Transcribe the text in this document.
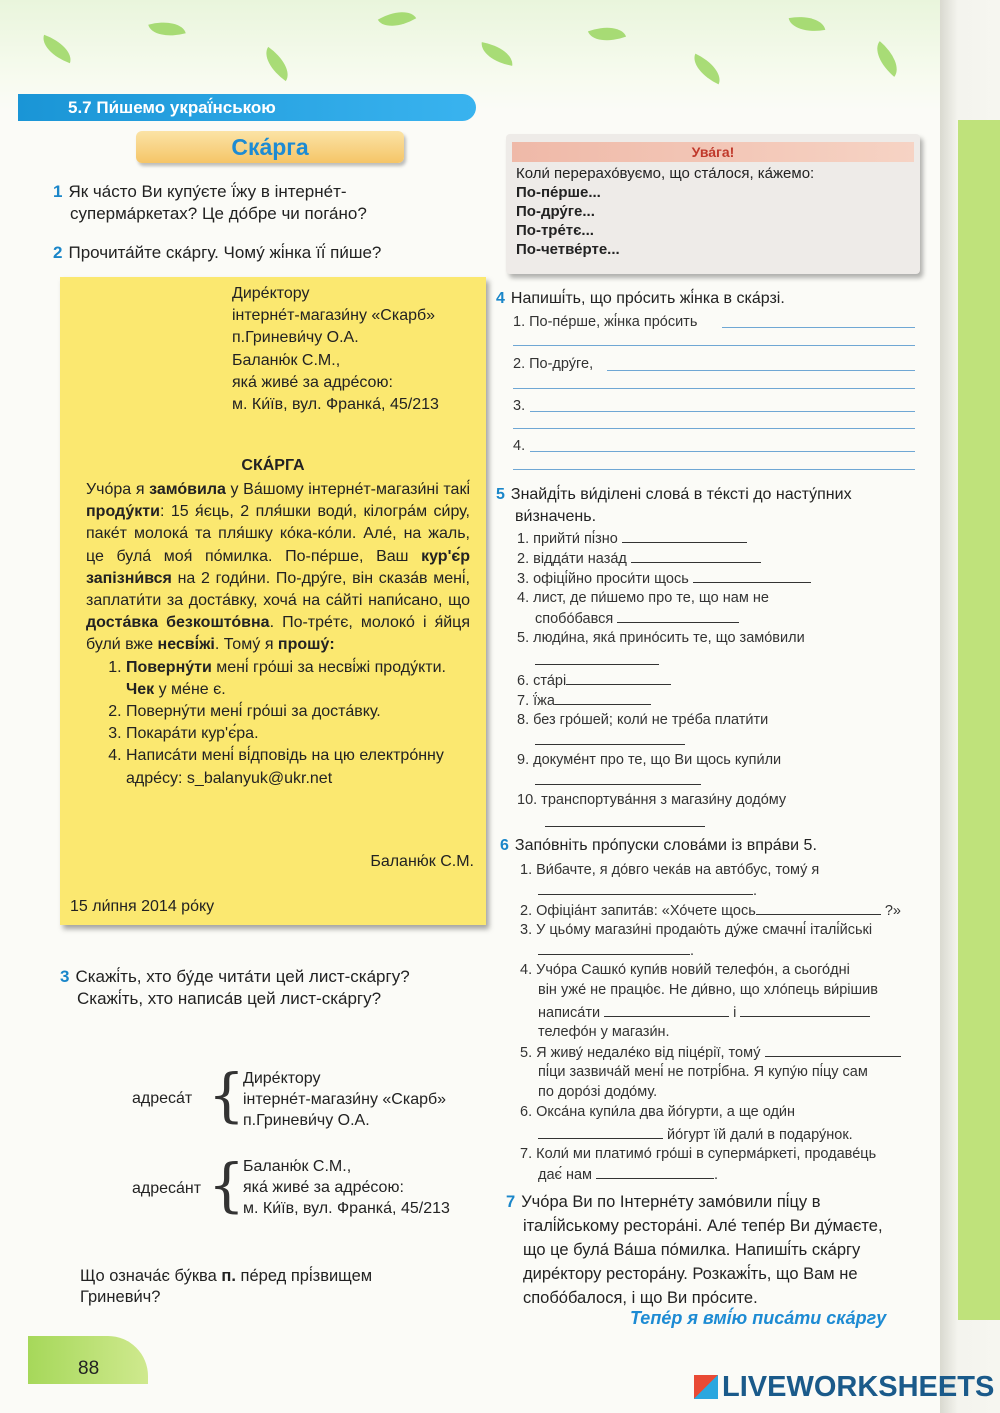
5.7 Пи́шемо украї́нською
Ска́рга
1 Як ча́сто Ви купу́єте ї́жу в інтерне́т-
суперма́ркетах? Це до́бре чи пога́но?
2 Прочита́йте ска́ргу. Чому́ жі́нка її́ пи́ше?
Дире́ктору
інтерне́т-магази́ну «Скарб»
п.Гриневи́чу О.А.
Баланю́к С.М.,
яка́ живе́ за адре́сою:
м. Ки́їв, вул. Франка́, 45/213
СКА́РГА
Учо́ра я замо́вила у Ва́шому інтерне́т-магази́ні такі́ проду́кти: 15 я́єць, 2 пля́шки води́, кілогра́м си́ру, паке́т молока́ та пля́шку ко́ка-ко́ли. Але́, на жаль, це була́ моя́ по́милка. По-пе́рше, Ваш кур'є́р запізни́вся на 2 годи́ни. По-дру́ге, він сказа́в мені́, заплати́ти за доста́вку, хоча́ на са́йті напи́сано, що доста́вка безкошто́вна. По-тре́тє, молоко́ і я́йця були́ вже несві́жі. Тому́ я прошу́:
1. Поверну́ти мені́ гро́ші за несві́жі проду́кти. Чек у ме́не є.
2. Поверну́ти мені́ гро́ші за доста́вку.
3. Покара́ти кур'є́ра.
4. Написа́ти мені́ ві́дповідь на цю електро́нну адре́су: s_balanyuk@ukr.net
Баланю́к С.М.
15 ли́пня 2014 ро́ку
3 Скажі́ть, хто бу́де чита́ти цей лист-ска́ргу?
Скажі́ть, хто написа́в цей лист-ска́ргу?
адреса́т {
Дире́ктору
інтерне́т-магази́ну «Скарб»
п.Гриневи́чу О.А.
адреса́нт {
Баланю́к С.М.,
яка́ живе́ за адре́сою:
м. Ки́їв, вул. Франка́, 45/213
Що означа́є бу́ква п. пе́ред прі́звищем
Гриневи́ч?
Ува́га!
Коли́ перерахо́вуємо, що ста́лося, ка́жемо:
По-пе́рше...
По-дру́ге...
По-тре́тє...
По-четве́рте...
4 Напиші́ть, що про́сить жі́нка в ска́рзі.
1. По-пе́рше, жі́нка про́сить
2. По-дру́ге,
3.
4.
5 Знайді́ть ви́ділені слова́ в те́ксті до насту́пних
ви́значень.
1. прийти́ пі́зно
2. відда́ти наза́д
3. офіці́йно проси́ти щось
4. лист, де пи́шемо про те, що нам не
спобо́бався
5. люди́на, яка́ прино́сить те, що замо́вили
6. ста́рі
7. ї́жа
8. без гро́шей; коли́ не тре́ба плати́ти
9. докуме́нт про те, що Ви щось купи́ли
10. транспортува́ння з магази́ну додо́му
6 Запо́вніть про́пуски слова́ми із впра́ви 5.
1. Ви́бачте, я до́вго чека́в на авто́бус, тому́ я
.
2. Офіціа́нт запита́в: «Хо́чете щось	?»
3. У цьо́му магази́ні продаю́ть ду́же смачні́ італі́йські
.
4. Учо́ра Сашко́ купи́в нови́й телефо́н, а сього́дні
він уже́ не працю́є. Не ди́вно, що хло́пець ви́рішив
написа́ти	і
телефо́н у магази́н.
5. Я живу́ недале́ко від піце́рії, тому́
пі́ци зазвича́й мені́ не потрі́бна. Я купу́ю пі́цу сам
по доро́зі додо́му.
6. Окса́на купи́ла два йо́гурти, а ще оди́н
йо́гурт їй дали́ в подару́нок.
7. Коли́ ми платимо́ гро́ші в суперма́ркеті, продаве́ць
дає́ нам	.
7 Учо́ра Ви по Інтерне́ту замо́вили пі́цу в
італі́йському рестора́ні. Але́ тепе́р Ви ду́маєте,
що це була́ Ва́ша по́милка. Напиші́ть ска́ргу
дире́ктору рестора́ну. Розкажі́ть, що Вам не
спобо́балося, і що Ви про́сите.
Тепе́р я вмі́ю писа́ти ска́ргу
88
LIVEWORKSHEETS
